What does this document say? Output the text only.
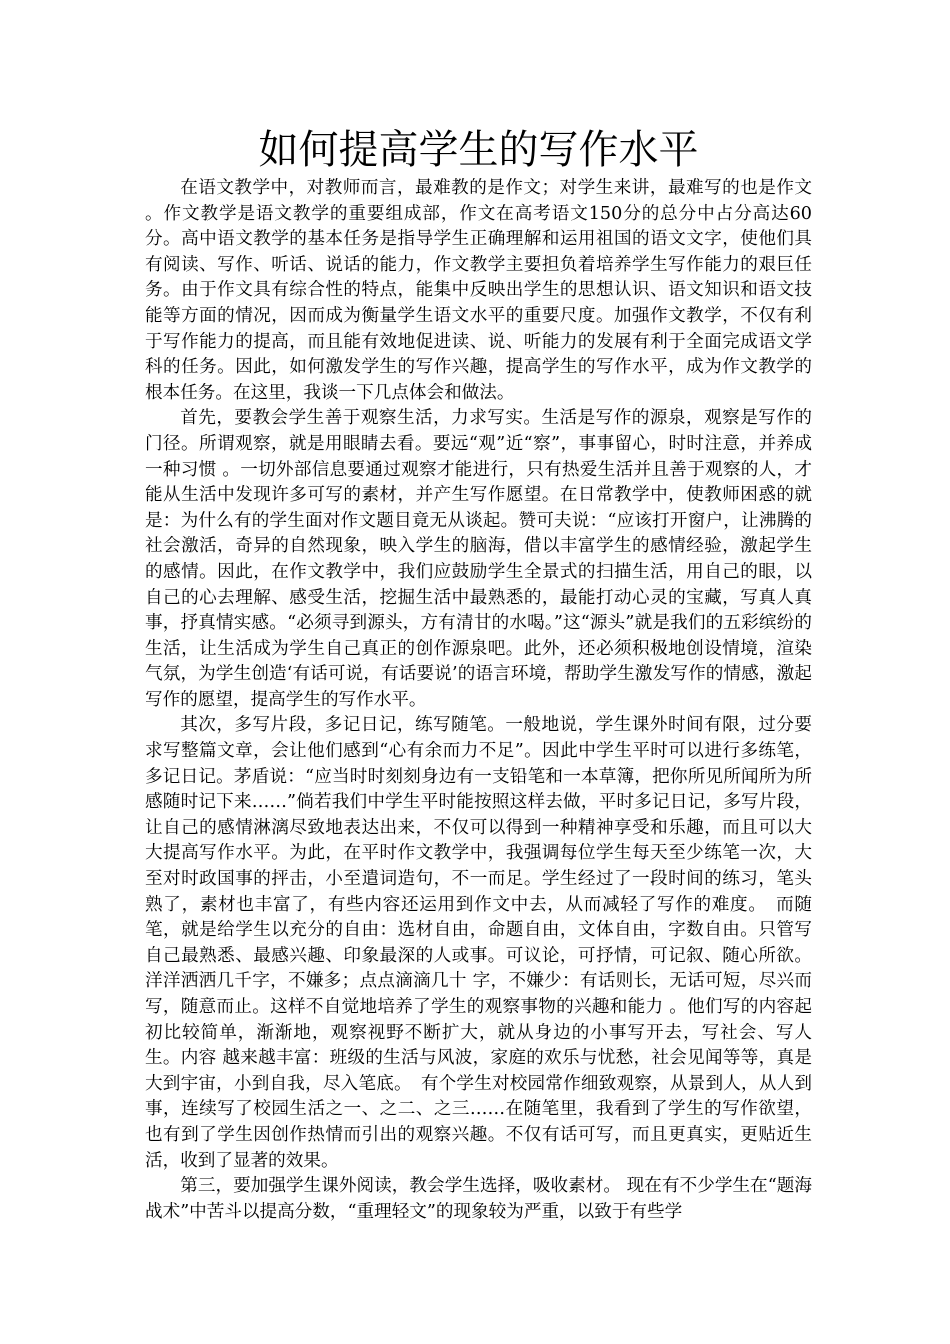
如何提高学生的写作水平

在语文教学中，对教师而言，最难教的是作文；对学生来讲，最难写的也是作文 。作文教学是语文教学的重要组成部，作文在高考语文150分的总分中占分高达60分。高中语文教学的基本任务是指导学生正确理解和运用祖国的语文文字，使他们具有阅读、写作、听话、说话的能力，作文教学主要担负着培养学生写作能力的艰巨任务。由于作文具有综合性的特点，能集中反映出学生的思想认识、语文知识和语文技能等方面的情况，因而成为衡量学生语文水平的重要尺度。加强作文教学，不仅有利于写作能力的提高，而且能有效地促进读、说、听能力的发展有利于全面完成语文学科的任务。因此，如何激发学生的写作兴趣，提高学生的写作水平，成为作文教学的根本任务。在这里，我谈一下几点体会和做法。

首先，要教会学生善于观察生活，力求写实。生活是写作的源泉，观察是写作的门径。所谓观察，就是用眼睛去看。要远“观”近“察”，事事留心，时时注意，并养成一种习惯 。一切外部信息要通过观察才能进行，只有热爱生活并且善于观察的人，才能从生活中发现许多可写的素材，并产生写作愿望。在日常教学中，使教师困惑的就是：为什么有的学生面对作文题目竟无从谈起。赞可夫说：“应该打开窗户，让沸腾的社会激活，奇异的自然现象，映入学生的脑海，借以丰富学生的感情经验，激起学生的感情。因此，在作文教学中，我们应鼓励学生全景式的扫描生活，用自己的眼，以自己的心去理解、感受生活，挖掘生活中最熟悉的，最能打动心灵的宝藏，写真人真事，抒真情实感。“必须寻到源头，方有清甘的水喝。”这“源头”就是我们的五彩缤纷的生活，让生活成为学生自己真正的创作源泉吧。此外，还必须积极地创设情境，渲染气氛，为学生创造‘有话可说，有话要说’的语言环境，帮助学生激发写作的情感，激起写作的愿望，提高学生的写作水平。

其次，多写片段，多记日记，练写随笔。一般地说，学生课外时间有限，过分要求写整篇文章，会让他们感到“心有余而力不足”。因此中学生平时可以进行多练笔，多记日记。茅盾说：“应当时时刻刻身边有一支铅笔和一本草簿，把你所见所闻所为所感随时记下来……”倘若我们中学生平时能按照这样去做，平时多记日记，多写片段，让自己的感情淋漓尽致地表达出来，不仅可以得到一种精神享受和乐趣，而且可以大大提高写作水平。为此，在平时作文教学中，我强调每位学生每天至少练笔一次，大至对时政国事的抨击，小至遣词造句，不一而足。学生经过了一段时间的练习，笔头熟了，素材也丰富了，有些内容还运用到作文中去，从而减轻了写作的难度。　而随笔，就是给学生以充分的自由：选材自由，命题自由，文体自由，字数自由。只管写自己最熟悉、最感兴趣、印象最深的人或事。可议论，可抒情，可记叙、随心所欲。洋洋洒洒几千字，不嫌多；点点滴滴几十 字，不嫌少：有话则长，无话可短，尽兴而写，随意而止。这样不自觉地培养了学生的观察事物的兴趣和能力 。他们写的内容起初比较简单，渐渐地，观察视野不断扩大，就从身边的小事写开去，写社会、写人生。内容 越来越丰富：班级的生活与风波，家庭的欢乐与忧愁，社会见闻等等，真是大到宇宙，小到自我，尽入笔底。　有个学生对校园常作细致观察，从景到人，从人到事，连续写了校园生活之一、之二、之三……在随笔里，我看到了学生的写作欲望，也有到了学生因创作热情而引出的观察兴趣。不仅有话可写，而且更真实，更贴近生活，收到了显著的效果。

第三，要加强学生课外阅读，教会学生选择，吸收素材。 现在有不少学生在“题海战术”中苦斗以提高分数，“重理轻文”的现象较为严重，以致于有些学
